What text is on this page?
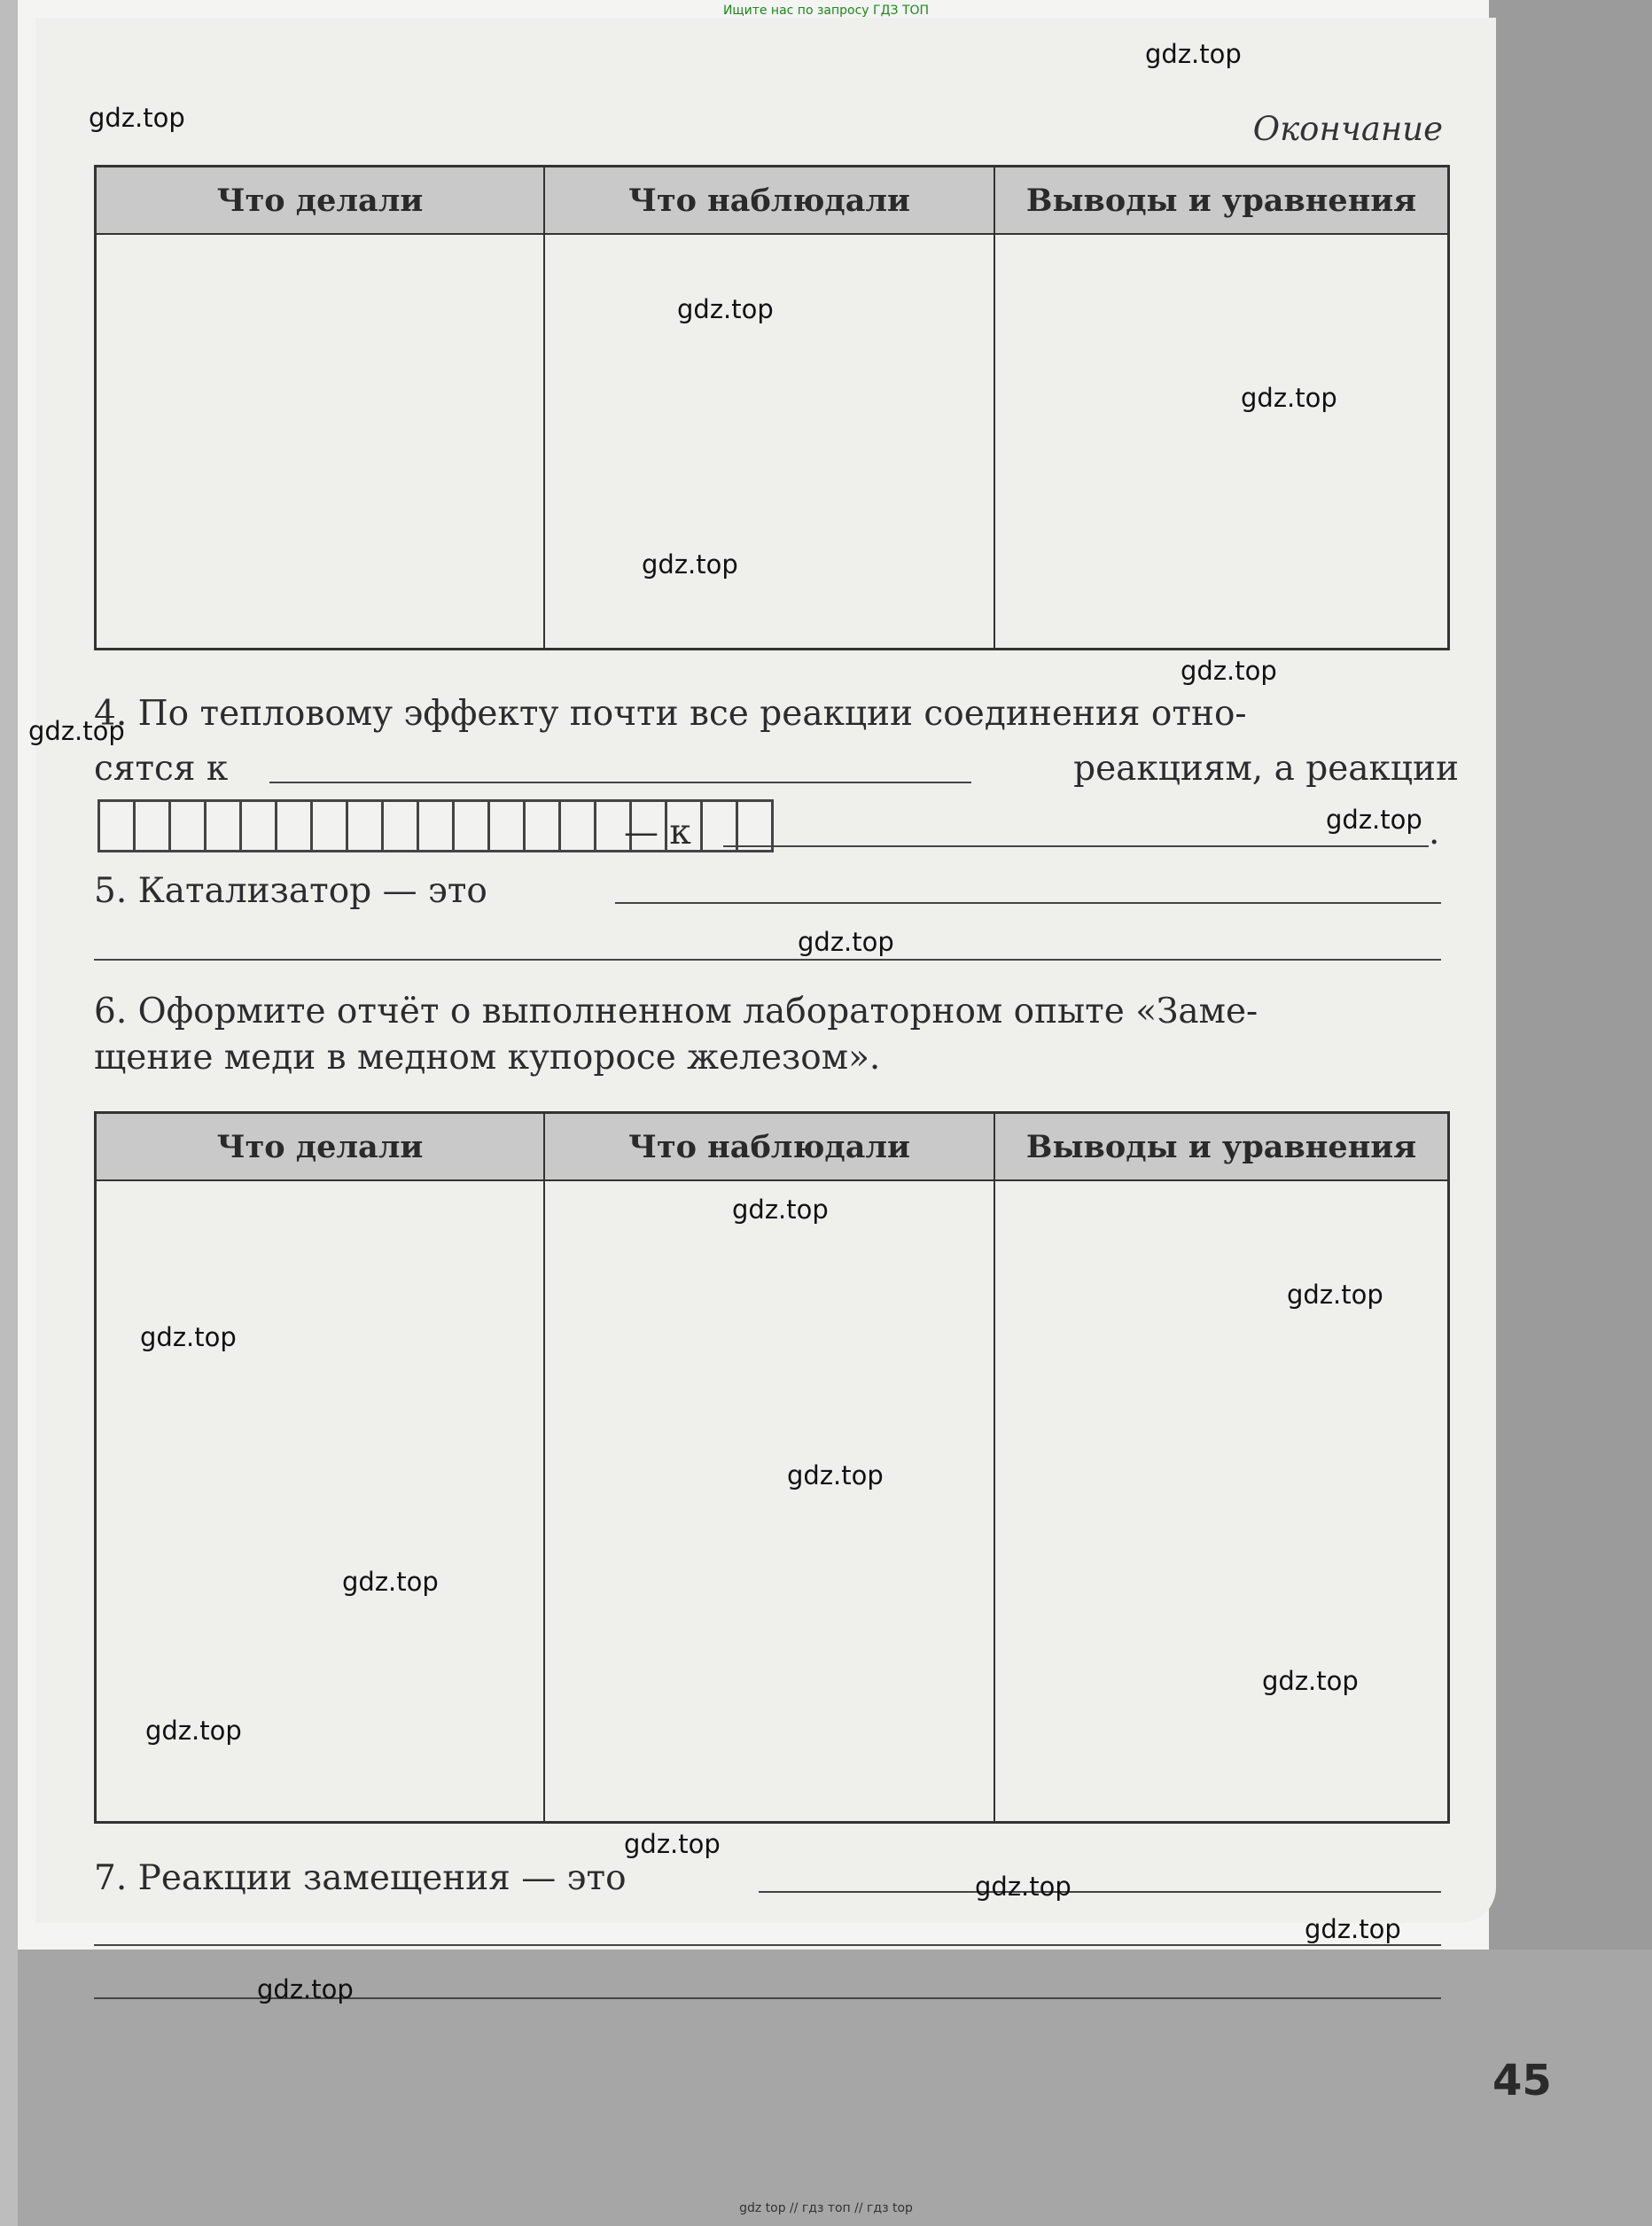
Ищите нас по запросу ГДЗ ТОП
Окончание
Что делали	Что наблюдали	Выводы и уравнения

4. По тепловому эффекту почти все реакции соединения отно-
сятся к	реакциям, а реакции
— к	.
5. Катализатор — это
6. Оформите отчёт о выполненном лабораторном опыте «Заме-
щение меди в медном купоросе железом».
Что делали	Что наблюдали	Выводы и уравнения

7. Реакции замещения — это
45
gdz.top
gdz.top
gdz.top
gdz.top
gdz.top
gdz.top
gdz.top
gdz.top
gdz.top
gdz.top
gdz.top
gdz.top
gdz.top
gdz.top
gdz.top
gdz.top
gdz.top
gdz.top
gdz.top
gdz.top
gdz top // гдз топ // гдз top
